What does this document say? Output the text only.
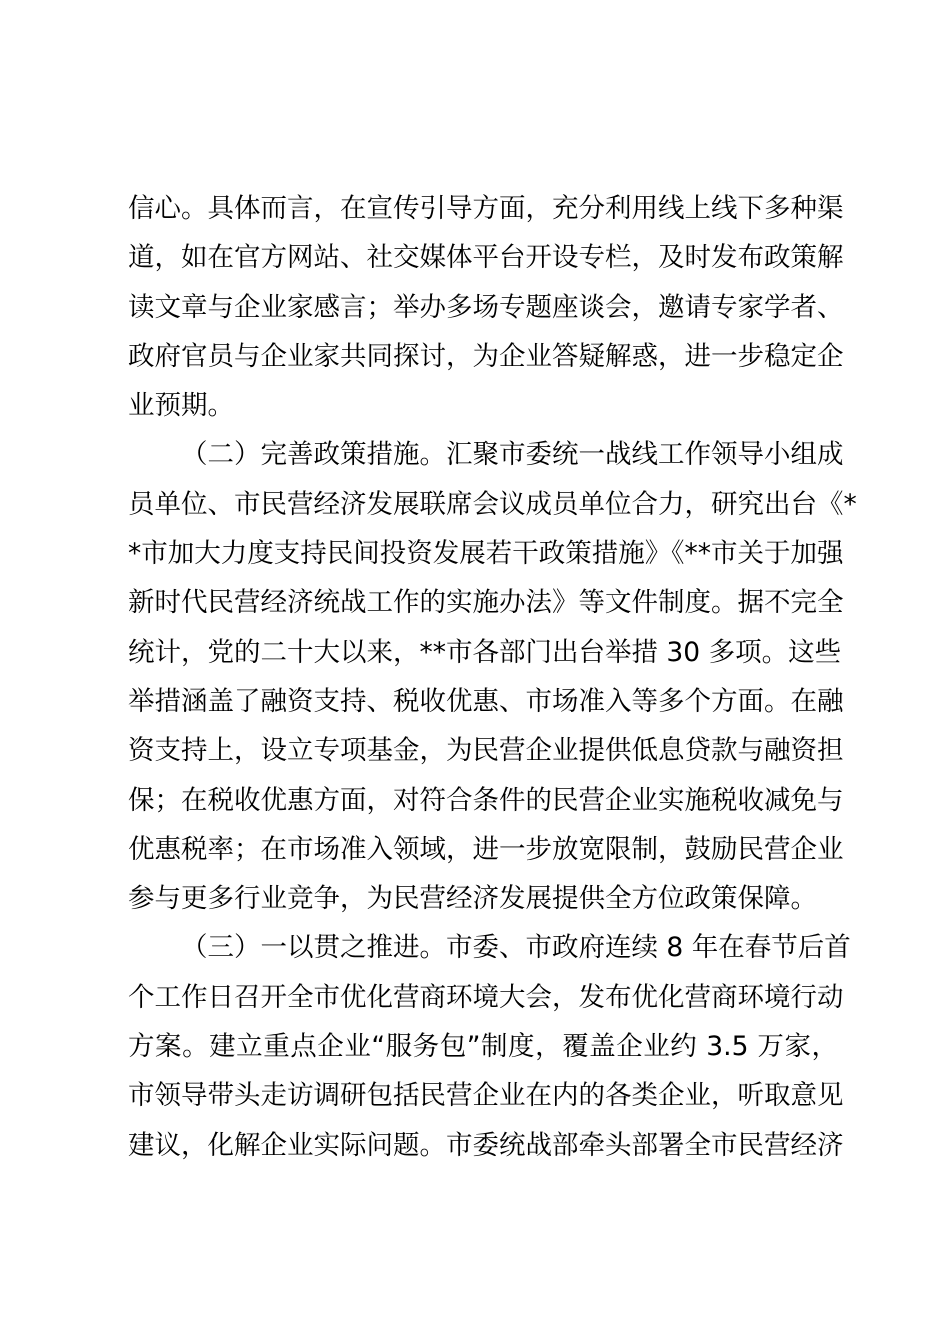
信心。具体而言，在宣传引导方面，充分利用线上线下多种渠
道，如在官方网站、社交媒体平台开设专栏，及时发布政策解
读文章与企业家感言；举办多场专题座谈会，邀请专家学者、
政府官员与企业家共同探讨，为企业答疑解惑，进一步稳定企
业预期。
（二）完善政策措施。汇聚市委统一战线工作领导小组成
员单位、市民营经济发展联席会议成员单位合力，研究出台《*
*市加大力度支持民间投资发展若干政策措施》《**市关于加强
新时代民营经济统战工作的实施办法》等文件制度。据不完全
统计，党的二十大以来，**市各部门出台举措 30 多项。这些
举措涵盖了融资支持、税收优惠、市场准入等多个方面。在融
资支持上，设立专项基金，为民营企业提供低息贷款与融资担
保；在税收优惠方面，对符合条件的民营企业实施税收减免与
优惠税率；在市场准入领域，进一步放宽限制，鼓励民营企业
参与更多行业竞争，为民营经济发展提供全方位政策保障。
（三）一以贯之推进。市委、市政府连续 8 年在春节后首
个工作日召开全市优化营商环境大会，发布优化营商环境行动
方案。建立重点企业“服务包”制度，覆盖企业约 3.5 万家，
市领导带头走访调研包括民营企业在内的各类企业，听取意见
建议，化解企业实际问题。市委统战部牵头部署全市民营经济
